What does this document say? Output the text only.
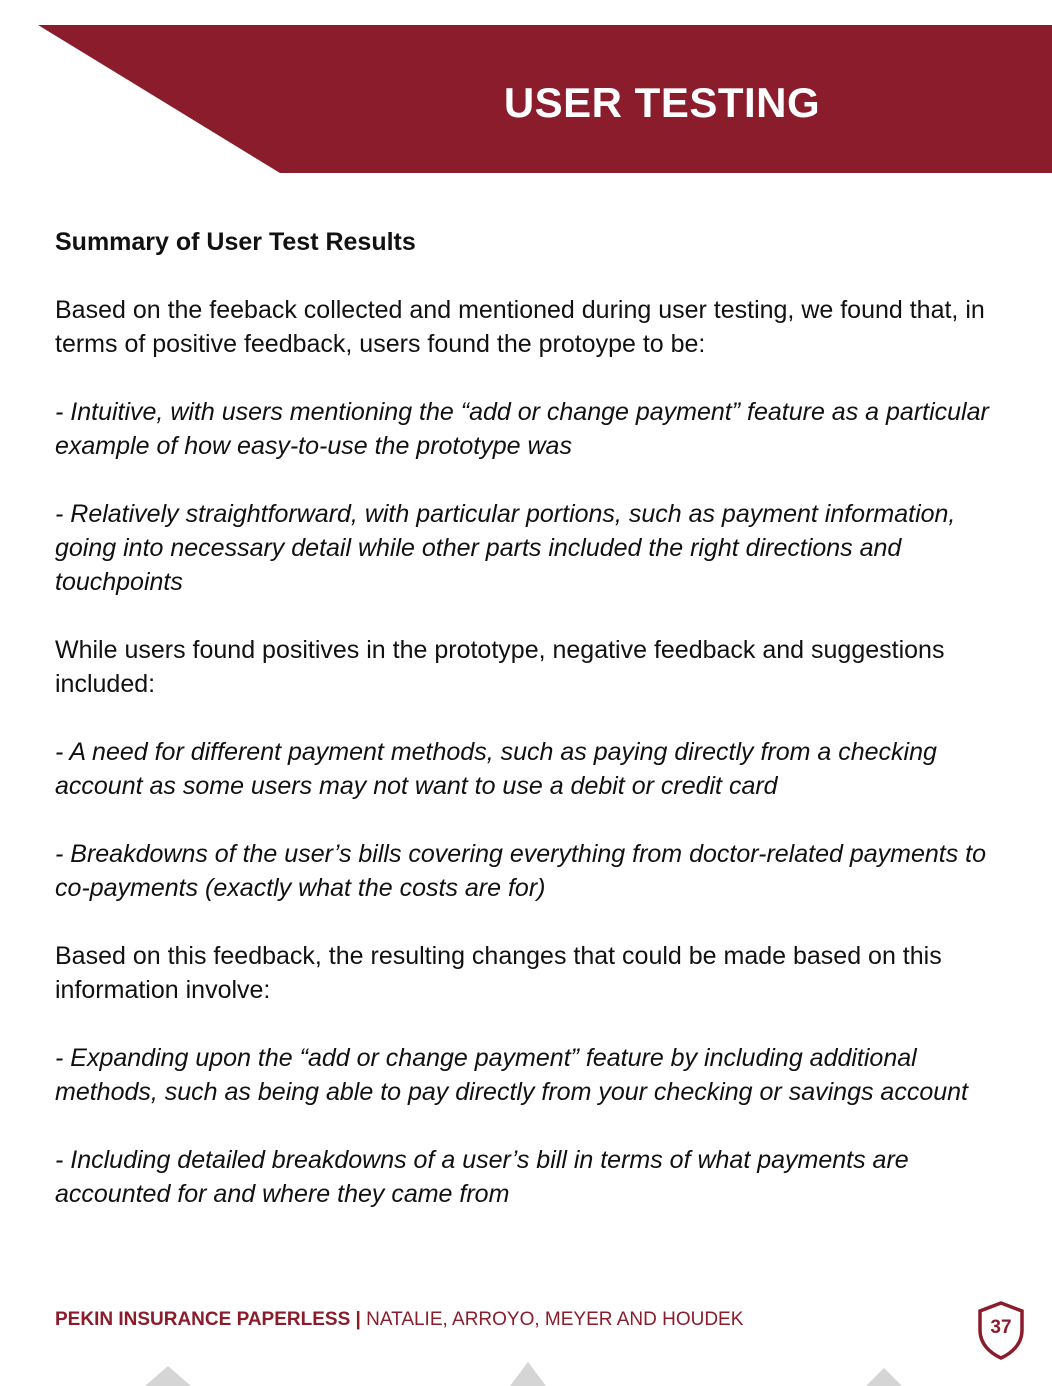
USER TESTING

Summary of User Test Results

Based on the feeback collected and mentioned during user testing, we found that, in terms of positive feedback, users found the protoype to be:

- Intuitive, with users mentioning the “add or change payment” feature as a particular example of how easy-to-use the prototype was

- Relatively straightforward, with particular portions, such as payment information, going into necessary detail while other parts included the right directions and touchpoints

While users found positives in the prototype, negative feedback and suggestions included:

- A need for different payment methods, such as paying directly from a checking account as some users may not want to use a debit or credit card

- Breakdowns of the user’s bills covering everything from doctor-related payments to co-payments (exactly what the costs are for)

Based on this feedback, the resulting changes that could be made based on this information involve:

- Expanding upon the “add or change payment” feature by including additional methods, such as being able to pay directly from your checking or savings account

- Including detailed breakdowns of a user’s bill in terms of what payments are accounted for and where they came from

PEKIN INSURANCE PAPERLESS | NATALIE, ARROYO, MEYER AND HOUDEK	37
